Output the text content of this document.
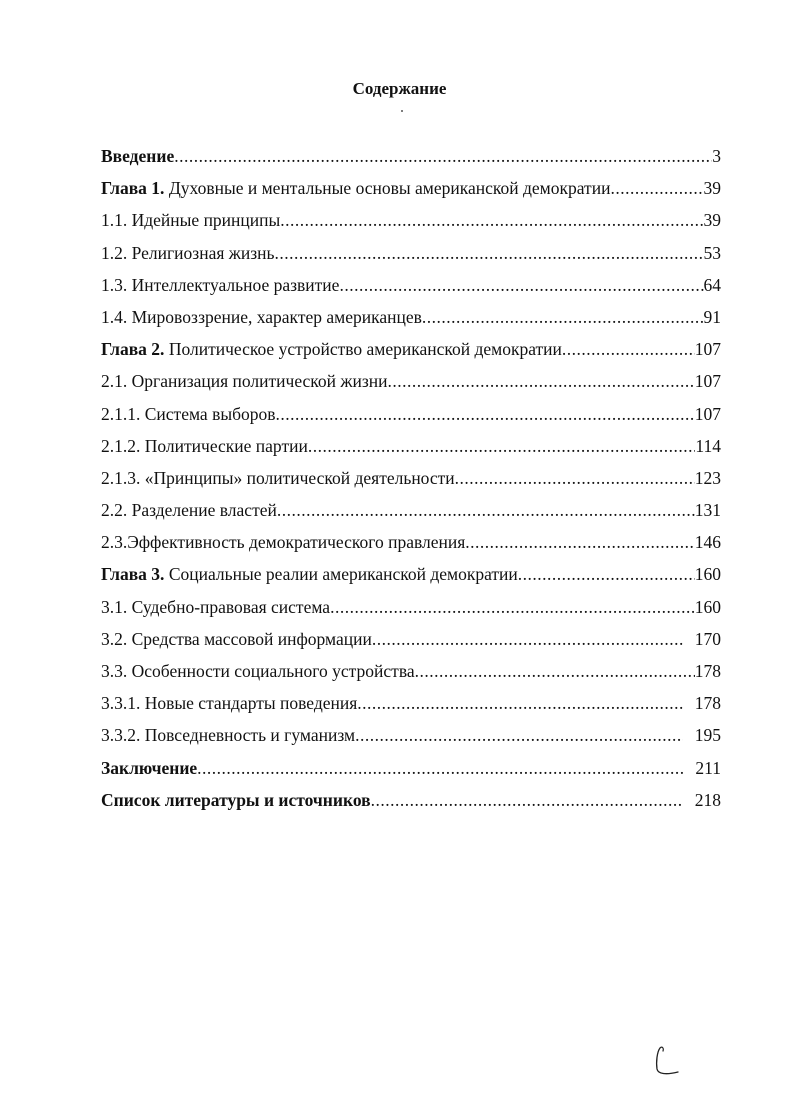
Содержание
Введение .....	3
Глава 1. Духовные и ментальные основы американской демократии .....	39
1.1. Идейные принципы .....	39
1.2. Религиозная жизнь .....	53
1.3. Интеллектуальное развитие .....	64
1.4. Мировоззрение, характер американцев .....	91
Глава 2. Политическое устройство американской демократии .....	107
2.1. Организация политической жизни .....	107
2.1.1. Система выборов .....	107
2.1.2. Политические партии .....	114
2.1.3. «Принципы» политической деятельности .....	123
2.2. Разделение властей .....	131
2.3.Эффективность демократического правления .....	146
Глава 3. Социальные реалии американской демократии .....	160
3.1. Судебно-правовая система .....	160
3.2. Средства массовой информации .....	170
3.3. Особенности социального устройства .....	178
3.3.1. Новые стандарты поведения .....	178
3.3.2. Повседневность и гуманизм .....	195
Заключение .....	211
Список литературы и источников .....	218
